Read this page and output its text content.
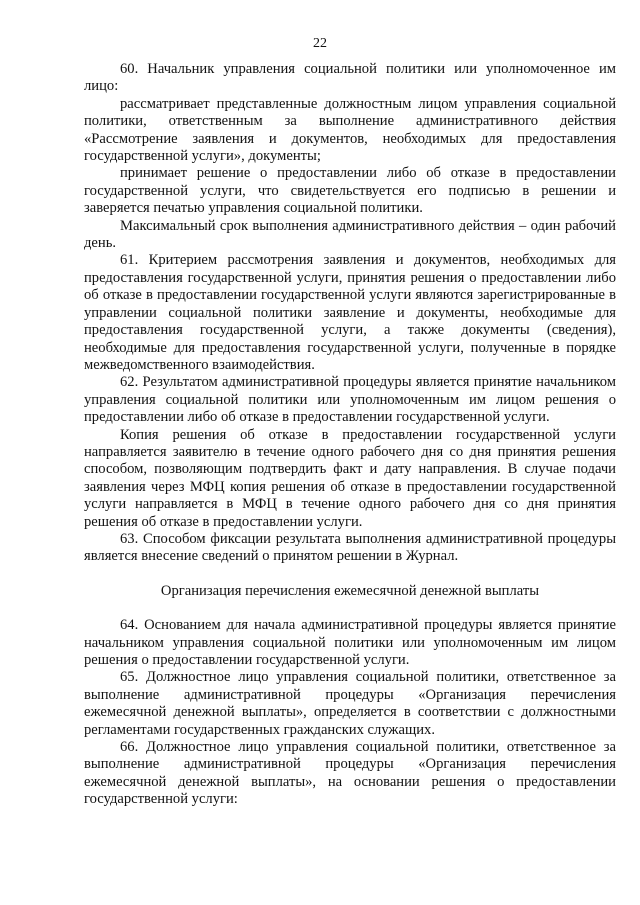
22

60. Начальник управления социальной политики или уполномоченное им лицо:

рассматривает представленные должностным лицом управления социальной политики, ответственным за выполнение административного действия «Рассмотрение заявления и документов, необходимых для предоставления государственной услуги», документы;

принимает решение о предоставлении либо об отказе в предоставлении государственной услуги, что свидетельствуется его подписью в решении и заверяется печатью управления социальной политики.

Максимальный срок выполнения административного действия – один рабочий день.

61. Критерием рассмотрения заявления и документов, необходимых для предоставления государственной услуги, принятия решения о предоставлении либо об отказе в предоставлении государственной услуги являются зарегистрированные в управлении социальной политики заявление и документы, необходимые для предоставления государственной услуги, а также документы (сведения), необходимые для предоставления государственной услуги, полученные в порядке межведомственного взаимодействия.

62. Результатом административной процедуры является принятие начальником управления социальной политики или уполномоченным им лицом решения о предоставлении либо об отказе в предоставлении государственной услуги.

Копия решения об отказе в предоставлении государственной услуги направляется заявителю в течение одного рабочего дня со дня принятия решения способом, позволяющим подтвердить факт и дату направления. В случае подачи заявления через МФЦ копия решения об отказе в предоставлении государственной услуги направляется в МФЦ в течение одного рабочего дня со дня принятия решения об отказе в предоставлении услуги.

63. Способом фиксации результата выполнения административной процедуры является внесение сведений о принятом решении в Журнал.

Организация перечисления ежемесячной денежной выплаты

64. Основанием для начала административной процедуры является принятие начальником управления социальной политики или уполномоченным им лицом решения о предоставлении государственной услуги.

65. Должностное лицо управления социальной политики, ответственное за выполнение административной процедуры «Организация перечисления ежемесячной денежной выплаты», определяется в соответствии с должностными регламентами государственных гражданских служащих.

66. Должностное лицо управления социальной политики, ответственное за выполнение административной процедуры «Организация перечисления ежемесячной денежной выплаты», на основании решения о предоставлении государственной услуги:
